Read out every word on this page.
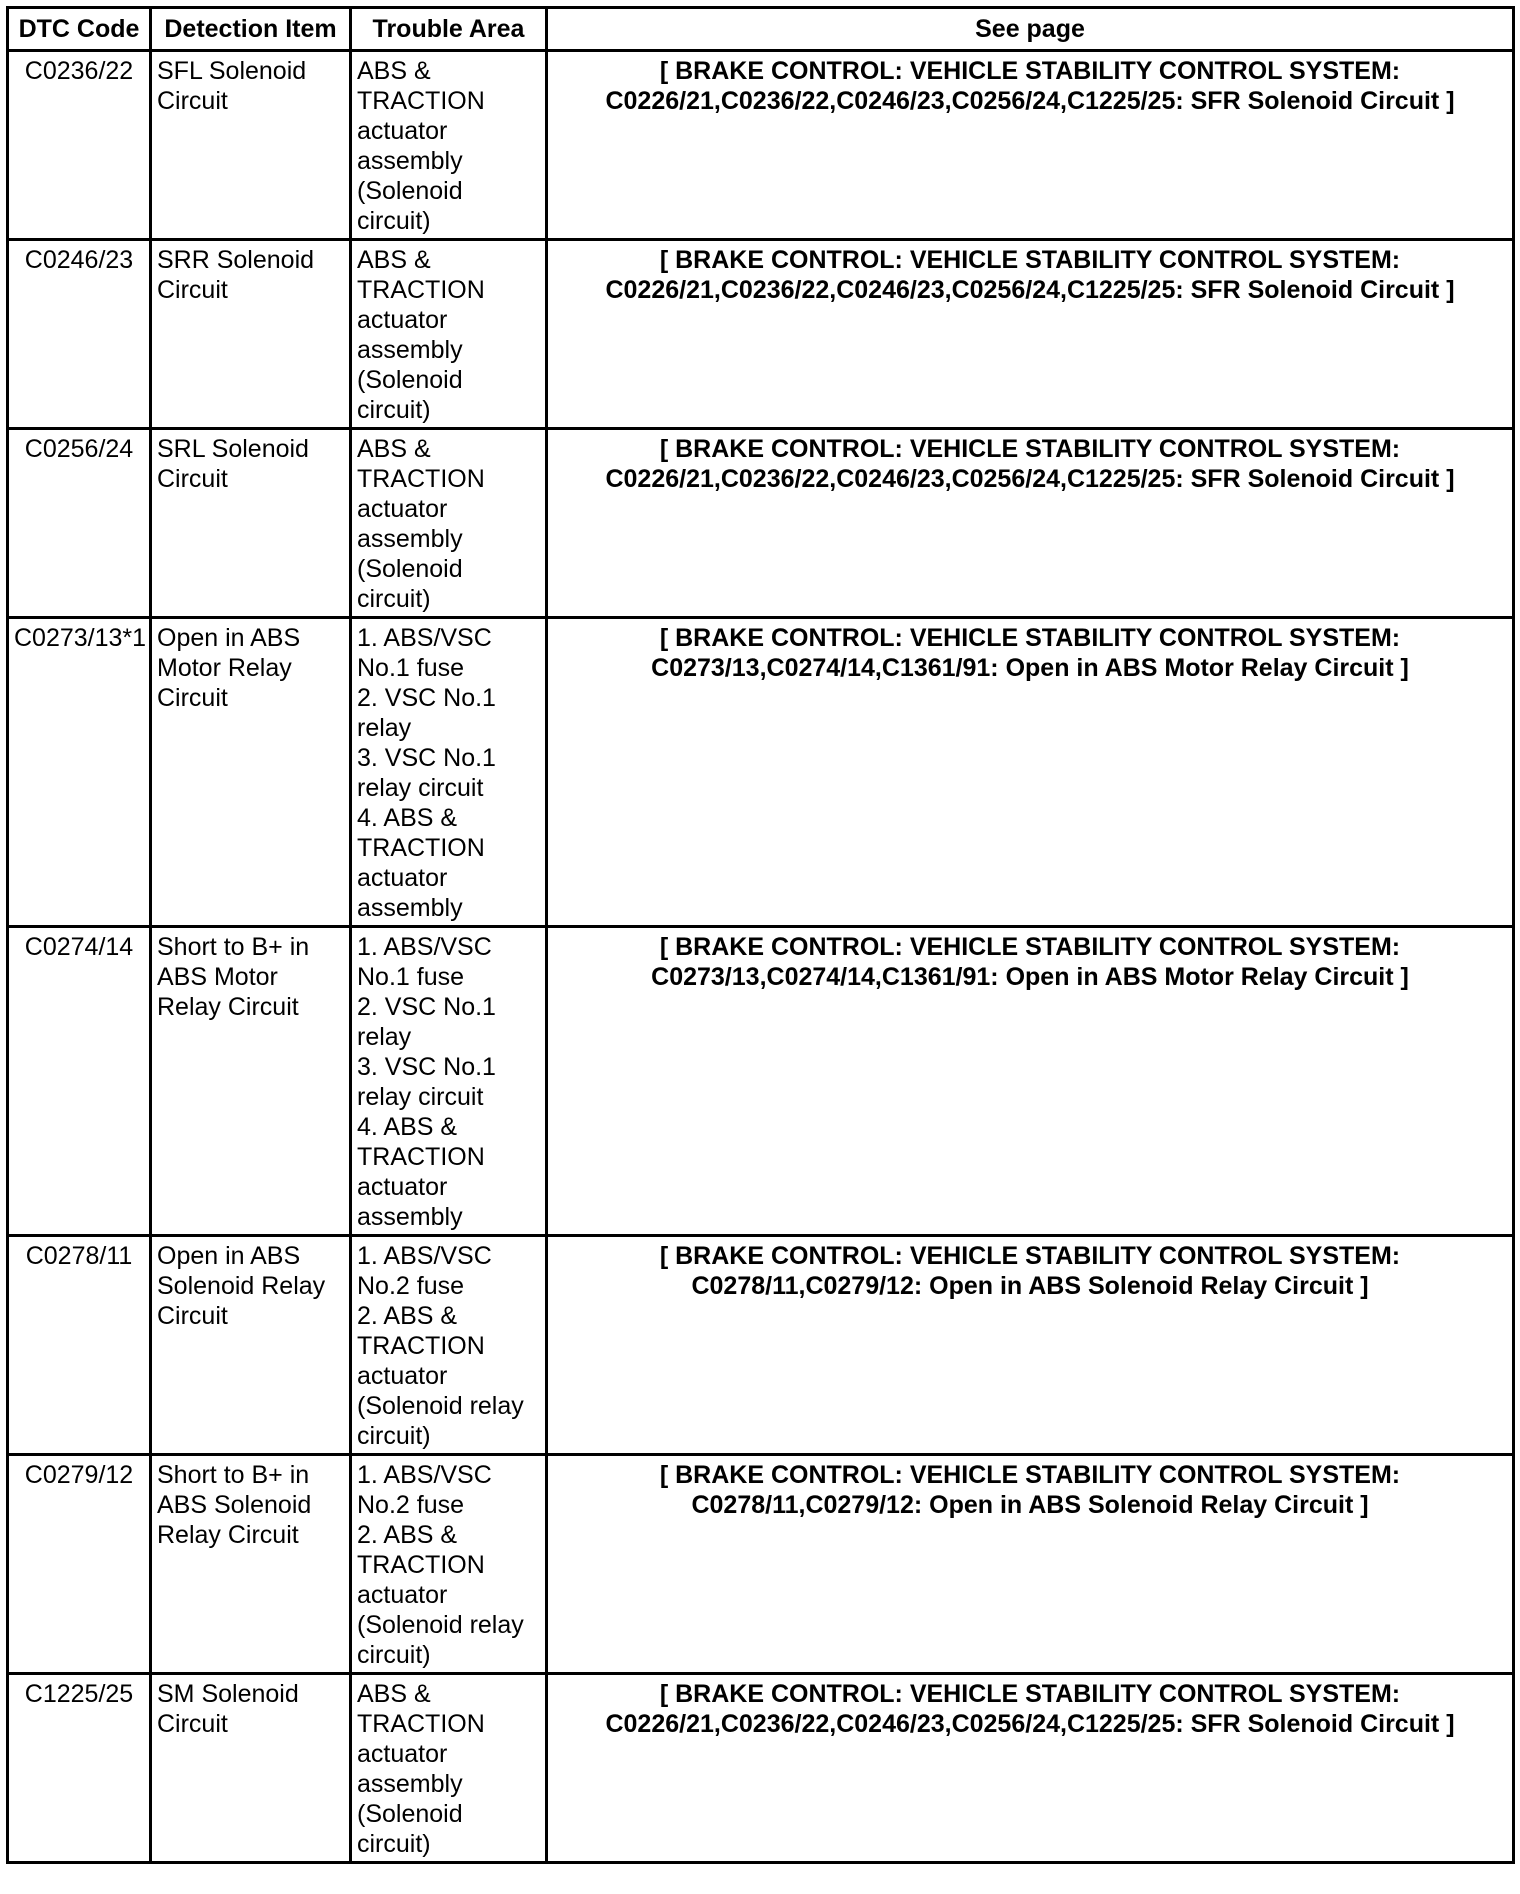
DTC Code	Detection Item	Trouble Area	See page
C0236/22	SFL Solenoid Circuit	ABS & TRACTION actuator assembly (Solenoid circuit)	[ BRAKE CONTROL: VEHICLE STABILITY CONTROL SYSTEM: C0226/21,C0236/22,C0246/23,C0256/24,C1225/25: SFR Solenoid Circuit ]
C0246/23	SRR Solenoid Circuit	ABS & TRACTION actuator assembly (Solenoid circuit)	[ BRAKE CONTROL: VEHICLE STABILITY CONTROL SYSTEM: C0226/21,C0236/22,C0246/23,C0256/24,C1225/25: SFR Solenoid Circuit ]
C0256/24	SRL Solenoid Circuit	ABS & TRACTION actuator assembly (Solenoid circuit)	[ BRAKE CONTROL: VEHICLE STABILITY CONTROL SYSTEM: C0226/21,C0236/22,C0246/23,C0256/24,C1225/25: SFR Solenoid Circuit ]
C0273/13*1	Open in ABS Motor Relay Circuit	1. ABS/VSC No.1 fuse
2. VSC No.1 relay
3. VSC No.1 relay circuit
4. ABS & TRACTION actuator assembly	[ BRAKE CONTROL: VEHICLE STABILITY CONTROL SYSTEM: C0273/13,C0274/14,C1361/91: Open in ABS Motor Relay Circuit ]
C0274/14	Short to B+ in ABS Motor Relay Circuit	1. ABS/VSC No.1 fuse
2. VSC No.1 relay
3. VSC No.1 relay circuit
4. ABS & TRACTION actuator assembly	[ BRAKE CONTROL: VEHICLE STABILITY CONTROL SYSTEM: C0273/13,C0274/14,C1361/91: Open in ABS Motor Relay Circuit ]
C0278/11	Open in ABS Solenoid Relay Circuit	1. ABS/VSC No.2 fuse
2. ABS & TRACTION actuator (Solenoid relay circuit)	[ BRAKE CONTROL: VEHICLE STABILITY CONTROL SYSTEM: C0278/11,C0279/12: Open in ABS Solenoid Relay Circuit ]
C0279/12	Short to B+ in ABS Solenoid Relay Circuit	1. ABS/VSC No.2 fuse
2. ABS & TRACTION actuator (Solenoid relay circuit)	[ BRAKE CONTROL: VEHICLE STABILITY CONTROL SYSTEM: C0278/11,C0279/12: Open in ABS Solenoid Relay Circuit ]
C1225/25	SM Solenoid Circuit	ABS & TRACTION actuator assembly (Solenoid circuit)	[ BRAKE CONTROL: VEHICLE STABILITY CONTROL SYSTEM: C0226/21,C0236/22,C0246/23,C0256/24,C1225/25: SFR Solenoid Circuit ]
